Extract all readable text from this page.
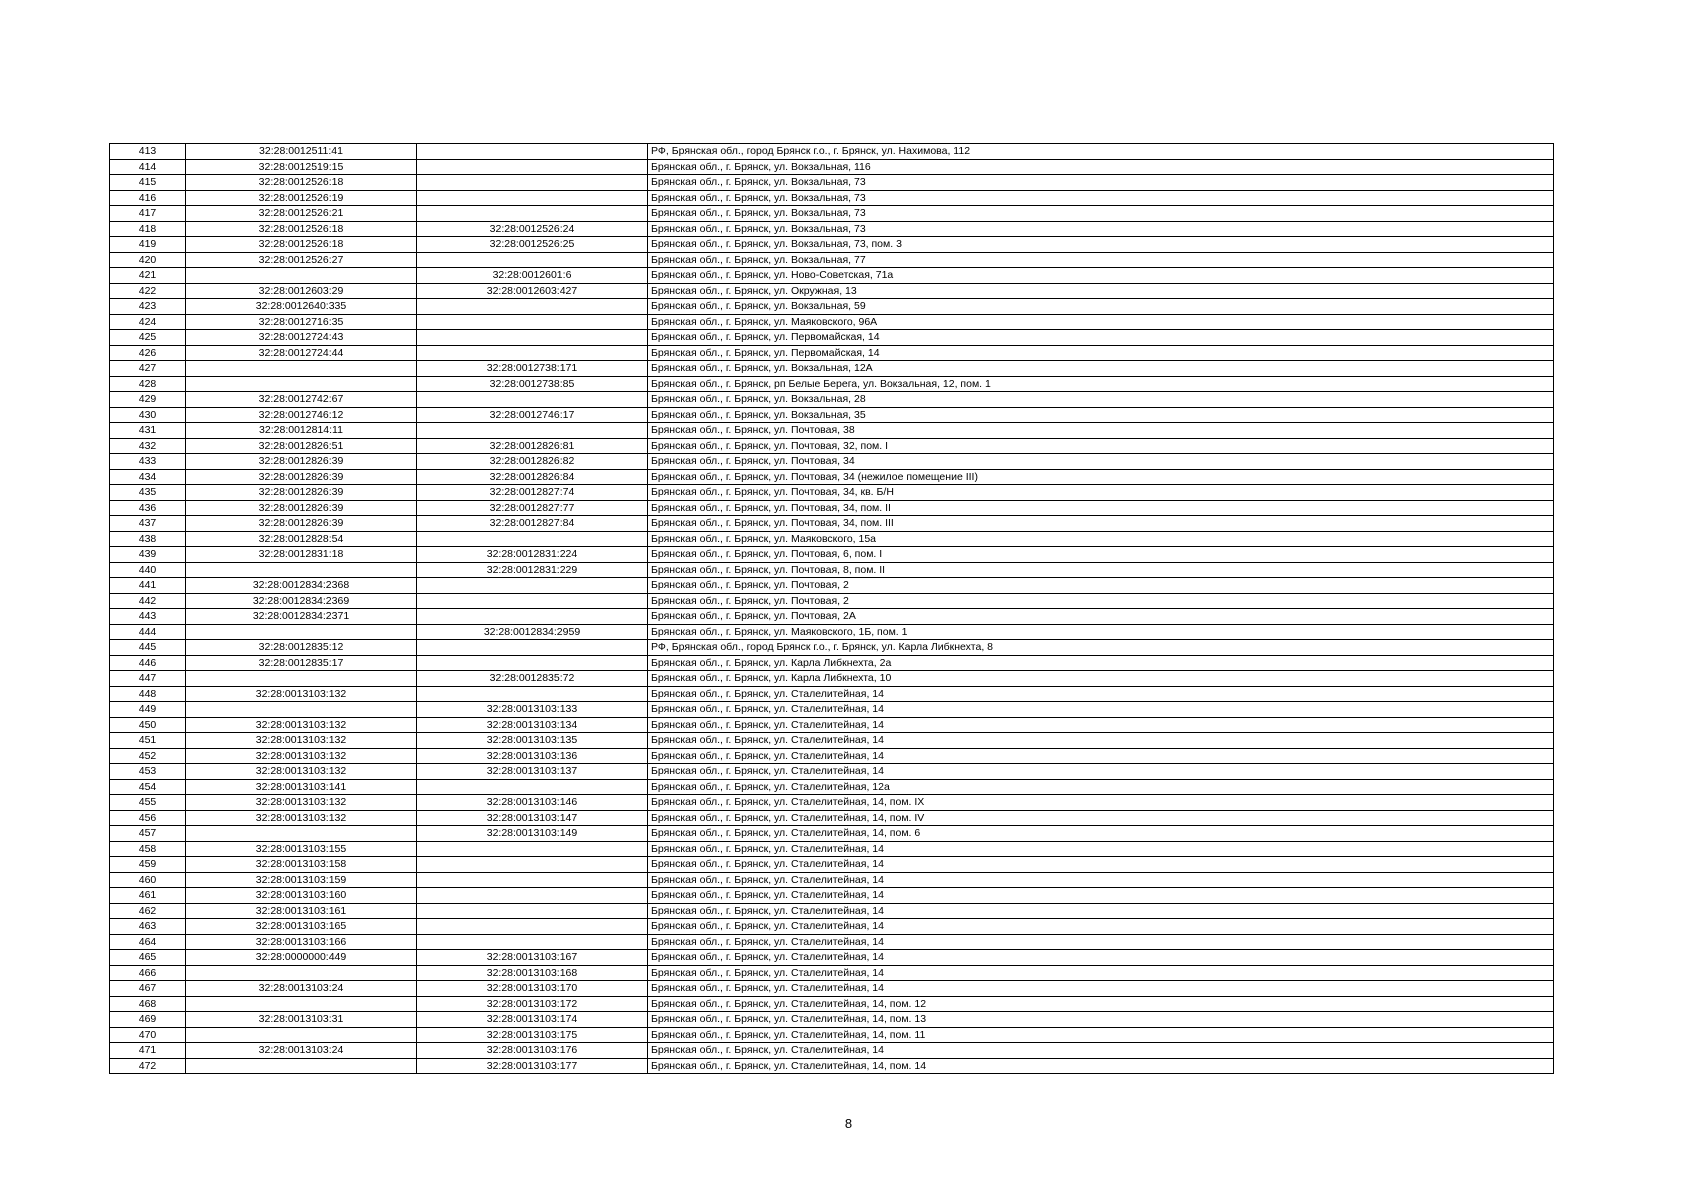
413	32:28:0012511:41		РФ, Брянская обл., город Брянск г.о., г. Брянск, ул. Нахимова, 112
414	32:28:0012519:15		Брянская обл., г. Брянск, ул. Вокзальная, 116
415	32:28:0012526:18		Брянская обл., г. Брянск, ул. Вокзальная, 73
416	32:28:0012526:19		Брянская обл., г. Брянск, ул. Вокзальная, 73
417	32:28:0012526:21		Брянская обл., г. Брянск, ул. Вокзальная, 73
418	32:28:0012526:18	32:28:0012526:24	Брянская обл., г. Брянск, ул. Вокзальная, 73
419	32:28:0012526:18	32:28:0012526:25	Брянская обл., г. Брянск, ул. Вокзальная, 73, пом. 3
420	32:28:0012526:27		Брянская обл., г. Брянск, ул. Вокзальная, 77
421		32:28:0012601:6	Брянская обл., г. Брянск, ул. Ново-Советская, 71а
422	32:28:0012603:29	32:28:0012603:427	Брянская обл., г. Брянск, ул. Окружная, 13
423	32:28:0012640:335		Брянская обл., г. Брянск, ул. Вокзальная, 59
424	32:28:0012716:35		Брянская обл., г. Брянск, ул. Маяковского, 96А
425	32:28:0012724:43		Брянская обл., г. Брянск, ул. Первомайская, 14
426	32:28:0012724:44		Брянская обл., г. Брянск, ул. Первомайская, 14
427		32:28:0012738:171	Брянская обл., г. Брянск, ул. Вокзальная, 12А
428		32:28:0012738:85	Брянская обл., г. Брянск, рп Белые Берега, ул. Вокзальная, 12, пом. 1
429	32:28:0012742:67		Брянская обл., г. Брянск, ул. Вокзальная, 28
430	32:28:0012746:12	32:28:0012746:17	Брянская обл., г. Брянск, ул. Вокзальная, 35
431	32:28:0012814:11		Брянская обл., г. Брянск, ул. Почтовая, 38
432	32:28:0012826:51	32:28:0012826:81	Брянская обл., г. Брянск, ул. Почтовая, 32, пом. I
433	32:28:0012826:39	32:28:0012826:82	Брянская обл., г. Брянск, ул. Почтовая, 34
434	32:28:0012826:39	32:28:0012826:84	Брянская обл., г. Брянск, ул. Почтовая, 34 (нежилое помещение III)
435	32:28:0012826:39	32:28:0012827:74	Брянская обл., г. Брянск, ул. Почтовая, 34, кв. Б/Н
436	32:28:0012826:39	32:28:0012827:77	Брянская обл., г. Брянск, ул. Почтовая, 34, пом. II
437	32:28:0012826:39	32:28:0012827:84	Брянская обл., г. Брянск, ул. Почтовая, 34, пом. III
438	32:28:0012828:54		Брянская обл., г. Брянск, ул. Маяковского, 15а
439	32:28:0012831:18	32:28:0012831:224	Брянская обл., г. Брянск, ул. Почтовая, 6, пом. I
440		32:28:0012831:229	Брянская обл., г. Брянск, ул. Почтовая, 8, пом. II
441	32:28:0012834:2368		Брянская обл., г. Брянск, ул. Почтовая, 2
442	32:28:0012834:2369		Брянская обл., г. Брянск, ул. Почтовая, 2
443	32:28:0012834:2371		Брянская обл., г. Брянск, ул. Почтовая, 2А
444		32:28:0012834:2959	Брянская обл., г. Брянск, ул. Маяковского, 1Б, пом. 1
445	32:28:0012835:12		РФ, Брянская обл., город Брянск г.о., г. Брянск, ул. Карла Либкнехта, 8
446	32:28:0012835:17		Брянская обл., г. Брянск, ул. Карла Либкнехта, 2а
447		32:28:0012835:72	Брянская обл., г. Брянск, ул. Карла Либкнехта, 10
448	32:28:0013103:132		Брянская обл., г. Брянск, ул. Сталелитейная, 14
449		32:28:0013103:133	Брянская обл., г. Брянск, ул. Сталелитейная, 14
450	32:28:0013103:132	32:28:0013103:134	Брянская обл., г. Брянск, ул. Сталелитейная, 14
451	32:28:0013103:132	32:28:0013103:135	Брянская обл., г. Брянск, ул. Сталелитейная, 14
452	32:28:0013103:132	32:28:0013103:136	Брянская обл., г. Брянск, ул. Сталелитейная, 14
453	32:28:0013103:132	32:28:0013103:137	Брянская обл., г. Брянск, ул. Сталелитейная, 14
454	32:28:0013103:141		Брянская обл., г. Брянск, ул. Сталелитейная, 12а
455	32:28:0013103:132	32:28:0013103:146	Брянская обл., г. Брянск, ул. Сталелитейная, 14, пом. IX
456	32:28:0013103:132	32:28:0013103:147	Брянская обл., г. Брянск, ул. Сталелитейная, 14, пом. IV
457		32:28:0013103:149	Брянская обл., г. Брянск, ул. Сталелитейная, 14, пом. 6
458	32:28:0013103:155		Брянская обл., г. Брянск, ул. Сталелитейная, 14
459	32:28:0013103:158		Брянская обл., г. Брянск, ул. Сталелитейная, 14
460	32:28:0013103:159		Брянская обл., г. Брянск, ул. Сталелитейная, 14
461	32:28:0013103:160		Брянская обл., г. Брянск, ул. Сталелитейная, 14
462	32:28:0013103:161		Брянская обл., г. Брянск, ул. Сталелитейная, 14
463	32:28:0013103:165		Брянская обл., г. Брянск, ул. Сталелитейная, 14
464	32:28:0013103:166		Брянская обл., г. Брянск, ул. Сталелитейная, 14
465	32:28:0000000:449	32:28:0013103:167	Брянская обл., г. Брянск, ул. Сталелитейная, 14
466		32:28:0013103:168	Брянская обл., г. Брянск, ул. Сталелитейная, 14
467	32:28:0013103:24	32:28:0013103:170	Брянская обл., г. Брянск, ул. Сталелитейная, 14
468		32:28:0013103:172	Брянская обл., г. Брянск, ул. Сталелитейная, 14, пом. 12
469	32:28:0013103:31	32:28:0013103:174	Брянская обл., г. Брянск, ул. Сталелитейная, 14, пом. 13
470		32:28:0013103:175	Брянская обл., г. Брянск, ул. Сталелитейная, 14, пом. 11
471	32:28:0013103:24	32:28:0013103:176	Брянская обл., г. Брянск, ул. Сталелитейная, 14
472		32:28:0013103:177	Брянская обл., г. Брянск, ул. Сталелитейная, 14, пом. 14
8
